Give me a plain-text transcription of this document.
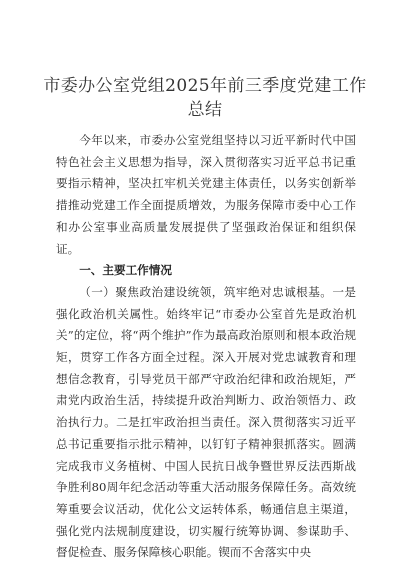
市委办公室党组2025年前三季度党建工作总结

今年以来，市委办公室党组坚持以习近平新时代中国特色社会主义思想为指导，深入贯彻落实习近平总书记重要指示精神，坚决扛牢机关党建主体责任，以务实创新举措推动党建工作全面提质增效，为服务保障市委中心工作和办公室事业高质量发展提供了坚强政治保证和组织保证。

一、主要工作情况

（一）聚焦政治建设统领，筑牢绝对忠诚根基。一是强化政治机关属性。始终牢记“市委办公室首先是政治机关”的定位，将“两个维护”作为最高政治原则和根本政治规矩，贯穿工作各方面全过程。深入开展对党忠诚教育和理想信念教育，引导党员干部严守政治纪律和政治规矩，严肃党内政治生活，持续提升政治判断力、政治领悟力、政治执行力。二是扛牢政治担当责任。深入贯彻落实习近平总书记重要指示批示精神，以钉钉子精神狠抓落实。圆满完成我市义务植树、中国人民抗日战争暨世界反法西斯战争胜利80周年纪念活动等重大活动服务保障任务。高效统筹重要会议活动，优化公文运转体系，畅通信息主渠道，强化党内法规制度建设，切实履行统筹协调、参谋助手、督促检查、服务保障核心职能。锲而不舍落实中央
